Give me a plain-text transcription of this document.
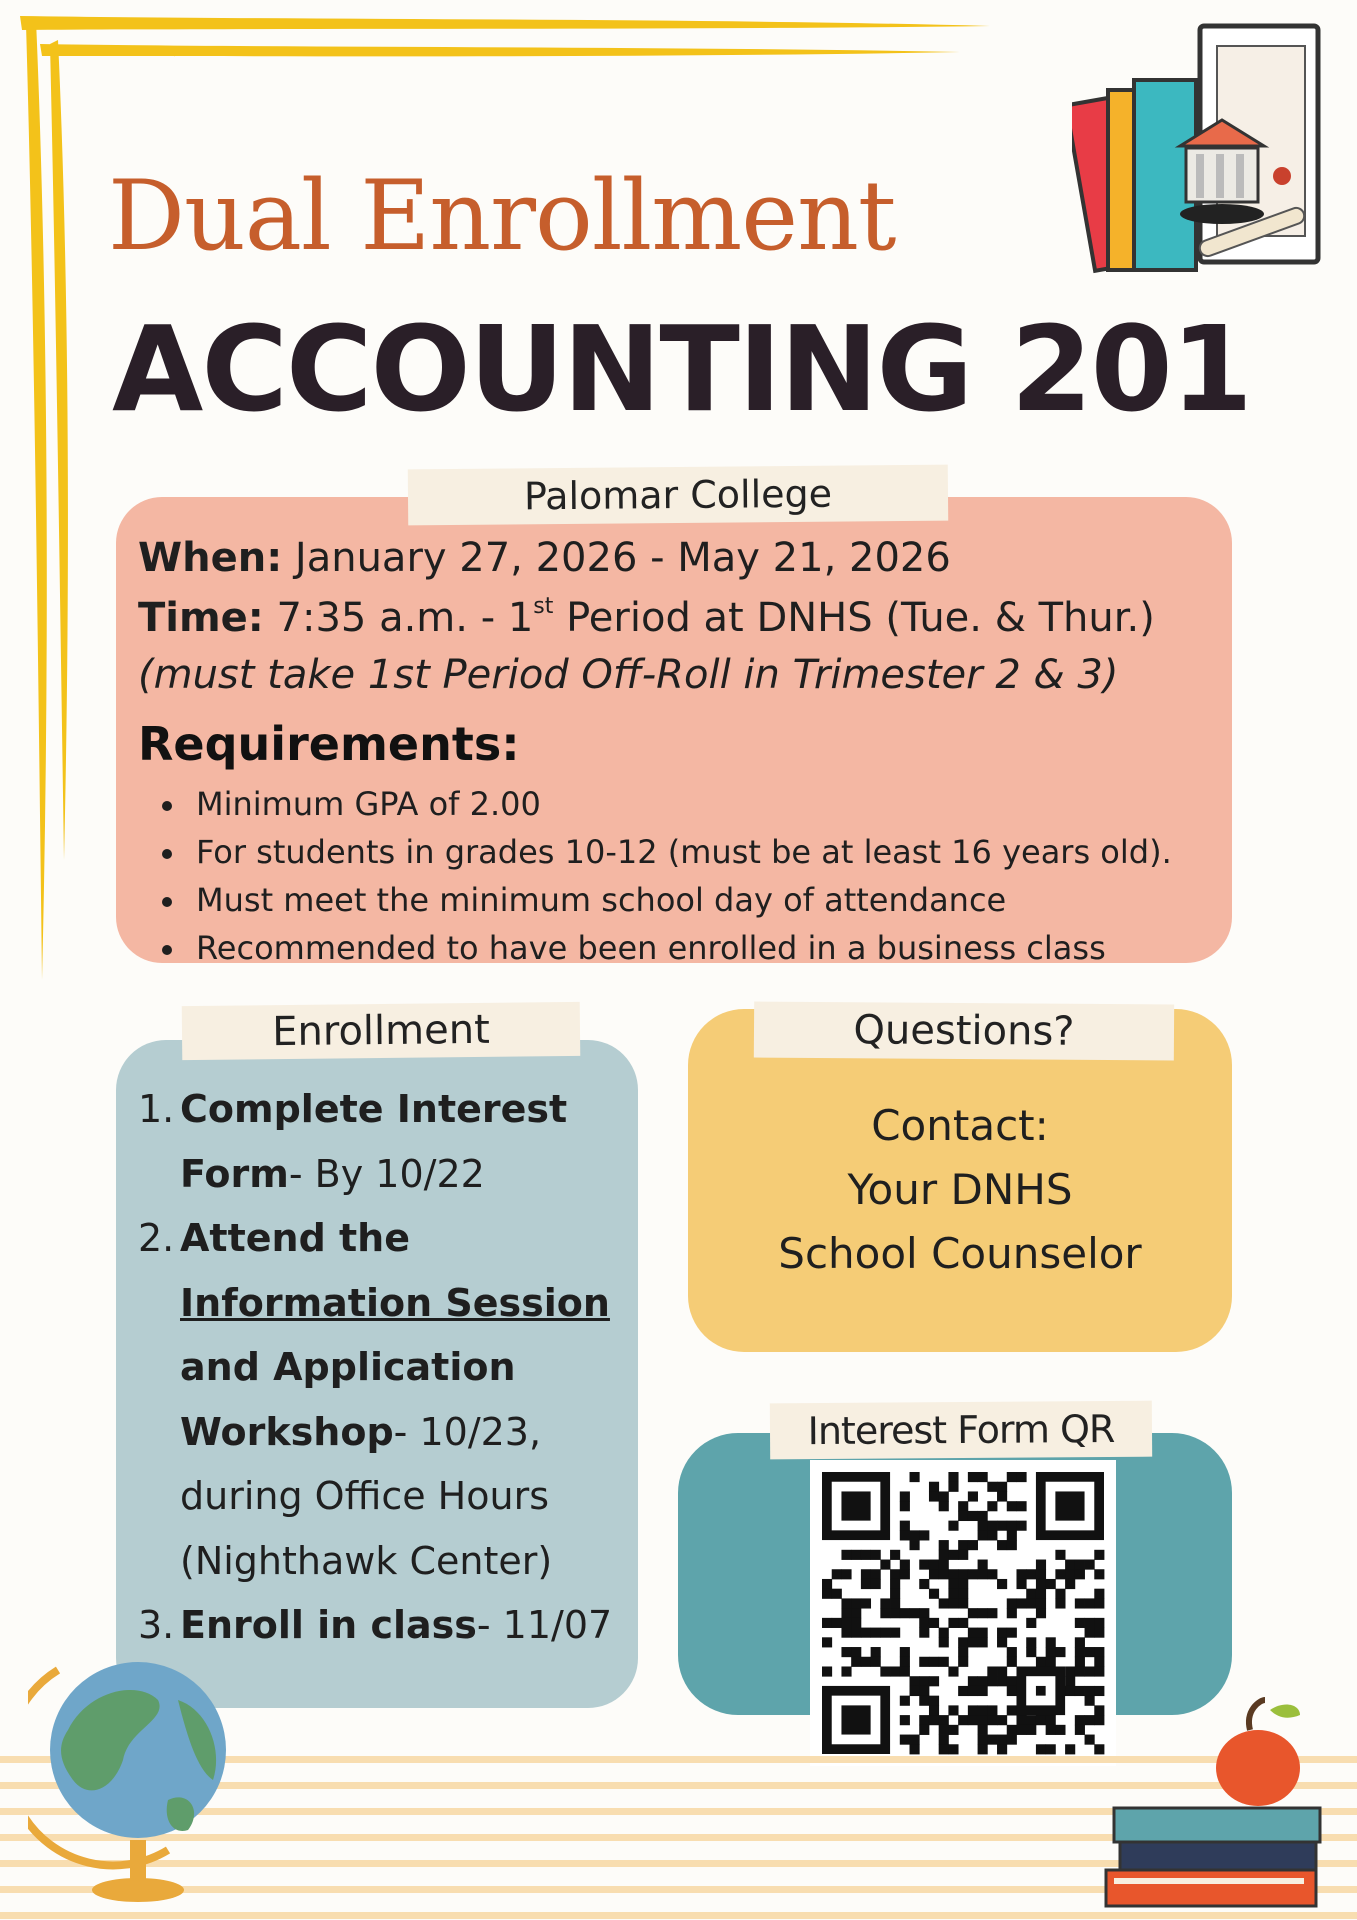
Dual Enrollment
ACCOUNTING 201
Palomar College
When: January 27, 2026 - May 21, 2026
Time: 7:35 a.m. - 1st Period at DNHS (Tue. & Thur.)
(must take 1st Period Off-Roll in Trimester 2 & 3)
Requirements:
Minimum GPA of 2.00
For students in grades 10-12 (must be at least 16 years old).
Must meet the minimum school day of attendance
Recommended to have been enrolled in a business class
Enrollment
1. Complete Interest Form- By 10/22
2. Attend the
Information Session
and Application Workshop- 10/23, during Office Hours (Nighthawk Center)
3. Enroll in class- 11/07
Questions?
Contact:
Your DNHS
School Counselor
Interest Form QR
